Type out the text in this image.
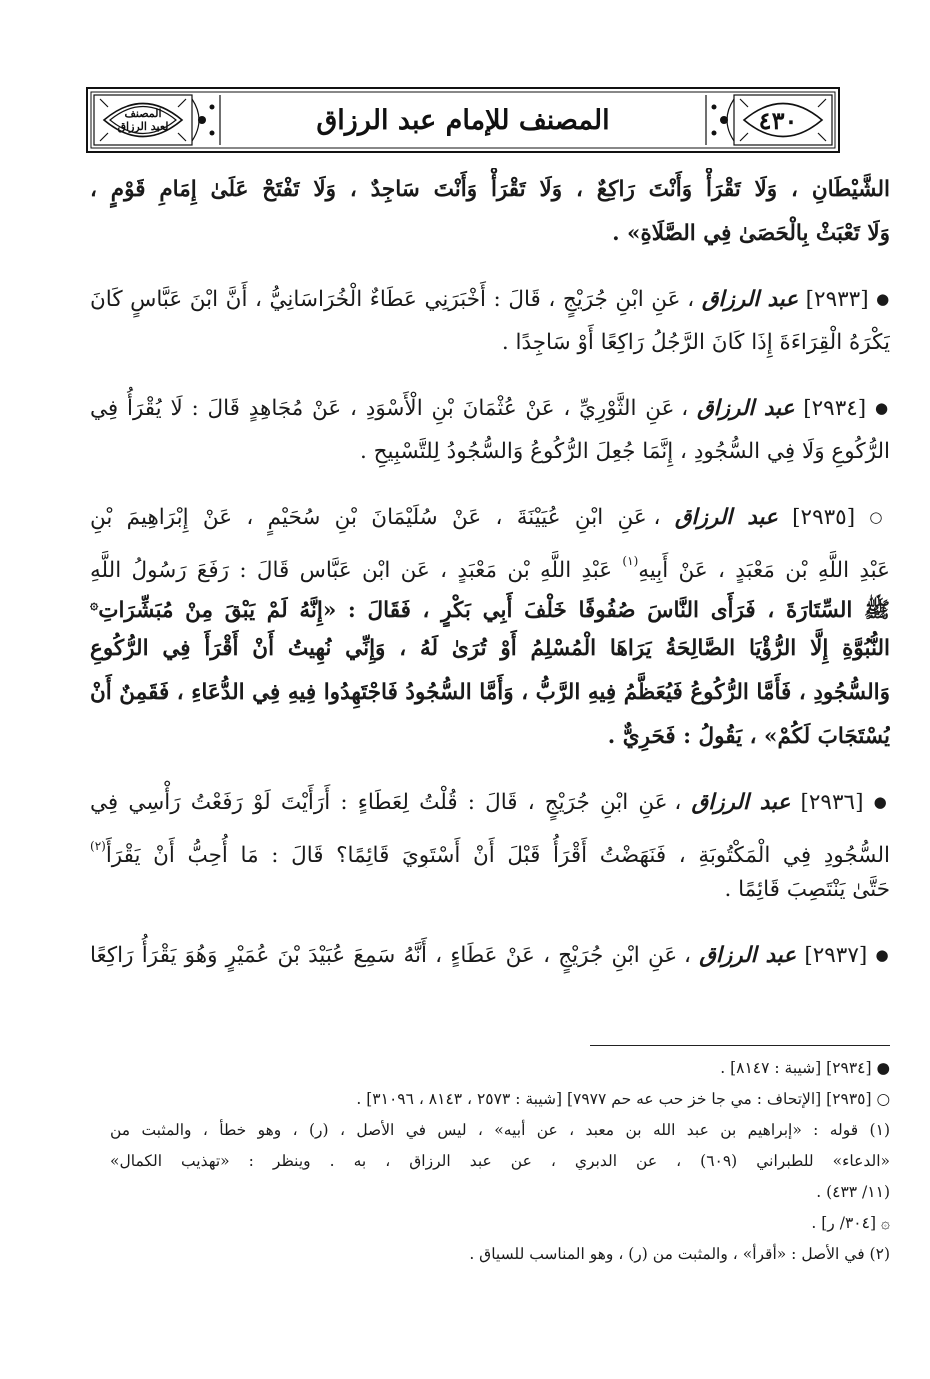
المصنف للإمام عبد الرزاق	٤٣٠
المصنف
لعبد الرزاق
الشَّيْطَانِ ، وَلَا تَقْرَأْ وَأَنْتَ رَاكِعٌ ، وَلَا تَقْرَأْ وَأَنْتَ سَاجِدٌ ، وَلَا تَفْتَحْ عَلَىٰ إِمَامِ قَوْمٍ ،
وَلَا تَعْبَثْ بِالْحَصَىٰ فِي الصَّلَاةِ» .
● [٢٩٣٣] عبد الرزاق ، عَنِ ابْنِ جُرَيْجٍ ، قَالَ : أَخْبَرَنِي عَطَاءٌ الْخُرَاسَانِيُّ ، أَنَّ ابْنَ عَبَّاسٍ كَانَ
يَكْرَهُ الْقِرَاءَةَ إِذَا كَانَ الرَّجُلُ رَاكِعًا أَوْ سَاجِدًا .
● [٢٩٣٤] عبد الرزاق ، عَنِ الثَّوْرِيِّ ، عَنْ عُثْمَانَ بْنِ الْأَسْوَدِ ، عَنْ مُجَاهِدٍ قَالَ : لَا يُقْرَأُ فِي
الرُّكُوعِ وَلَا فِي السُّجُودِ ، إِنَّمَا جُعِلَ الرُّكُوعُ وَالسُّجُودُ لِلتَّسْبِيحِ .
○ [٢٩٣٥] عبد الرزاق ، عَنِ ابْنِ عُيَيْنَةَ ، عَنْ سُلَيْمَانَ بْنِ سُحَيْمٍ ، عَنْ إِبْرَاهِيمَ بْنِ
عَبْدِ اللَّهِ بْنِ مَعْبَدٍ ، عَنْ أَبِيهِ$^{(١)}$ عَبْدِ اللَّهِ بْنِ مَعْبَدٍ ، عَنِ ابْنِ عَبَّاسٍ قَالَ : رَفَعَ رَسُولُ اللَّهِ
ﷺ السِّتَارَةَ ، فَرَأَى النَّاسَ صُفُوفًا خَلْفَ أَبِي بَكْرٍ ، فَقَالَ : «إِنَّهُ لَمْ يَبْقَ مِنْ مُبَشِّرَاتِ۞
النُّبُوَّةِ إِلَّا الرُّؤْيَا الصَّالِحَةُ يَرَاهَا الْمُسْلِمُ أَوْ تُرَىٰ لَهُ ، وَإِنِّي نُهِيتُ أَنْ أَقْرَأَ فِي الرُّكُوعِ
وَالسُّجُودِ ، فَأَمَّا الرُّكُوعُ فَيُعَظَّمُ فِيهِ الرَّبُّ ، وَأَمَّا السُّجُودُ فَاجْتَهِدُوا فِيهِ فِي الدُّعَاءِ ، فَقَمِنٌ أَنْ
يُسْتَجَابَ لَكُمْ» ، يَقُولُ : فَحَرِيٌّ .
● [٢٩٣٦] عبد الرزاق ، عَنِ ابْنِ جُرَيْجٍ ، قَالَ : قُلْتُ لِعَطَاءٍ : أَرَأَيْتَ لَوْ رَفَعْتُ رَأْسِي فِي
السُّجُودِ فِي الْمَكْتُوبَةِ ، فَنَهَضْتُ أَقْرَأُ قَبْلَ أَنْ أَسْتَوِيَ قَائِمًا؟ قَالَ : مَا أُحِبُّ أَنْ يَقْرَأَ$^{(٢)}$
حَتَّىٰ يَنْتَصِبَ قَائِمًا .
● [٢٩٣٧] عبد الرزاق ، عَنِ ابْنِ جُرَيْجٍ ، عَنْ عَطَاءٍ ، أَنَّهُ سَمِعَ عُبَيْدَ بْنَ عُمَيْرٍ وَهُوَ يَقْرَأُ رَاكِعًا
● [٢٩٣٤] [شيبة : ٨١٤٧] .
○ [٢٩٣٥] [الإتحاف : مي جا خز حب عه حم ٧٩٧٧] [شيبة : ٢٥٧٣ ، ٨١٤٣ ، ٣١٠٩٦] .
(١) قوله : «إبراهيم بن عبد الله بن معبد ، عن أبيه» ، ليس في الأصل ، (ر) ، وهو خطأ ، والمثبت من
«الدعاء» للطبراني (٦٠٩) ، عن الدبري ، عن عبد الرزاق ، به . وينظر : «تهذيب الكمال»
(١١/ ٤٣٣) .
۞ [٣٠٤/ ر] .
(٢) في الأصل : «أقرأ» ، والمثبت من (ر) ، وهو المناسب للسياق .
